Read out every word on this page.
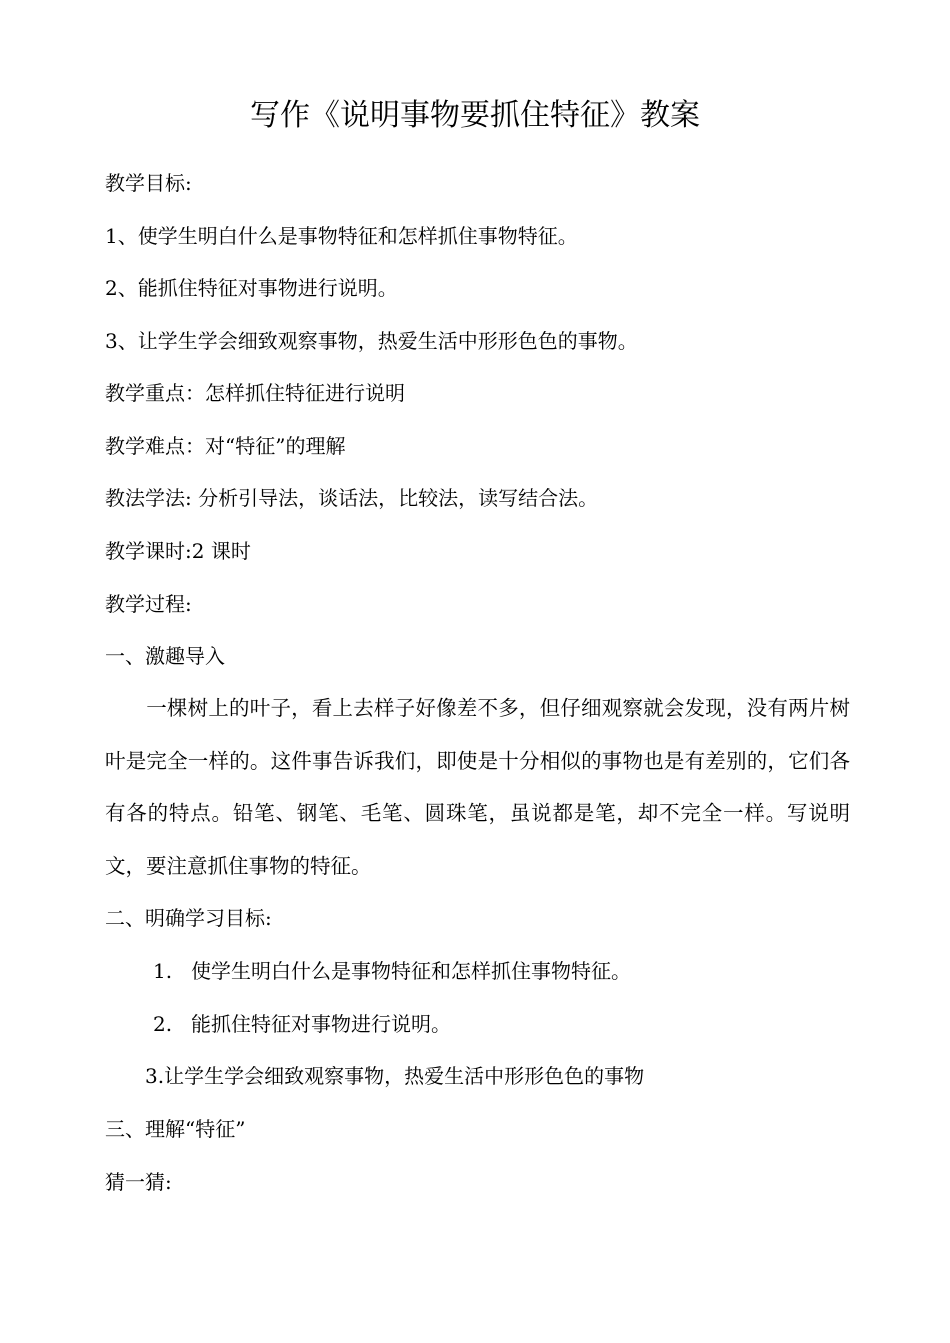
写作《说明事物要抓住特征》教案
教学目标:
1、使学生明白什么是事物特征和怎样抓住事物特征。
2、能抓住特征对事物进行说明。
3、让学生学会细致观察事物，热爱生活中形形色色的事物。
教学重点：怎样抓住特征进行说明
教学难点：对“特征”的理解
教法学法: 分析引导法，谈话法，比较法，读写结合法。
教学课时:2 课时
教学过程:
一、激趣导入
一棵树上的叶子，看上去样子好像差不多，但仔细观察就会发现，没有两片树叶是完全一样的。这件事告诉我们，即使是十分相似的事物也是有差别的，它们各有各的特点。铅笔、钢笔、毛笔、圆珠笔，虽说都是笔，却不完全一样。写说明文，要注意抓住事物的特征。
二、明确学习目标:
1. 使学生明白什么是事物特征和怎样抓住事物特征。
2. 能抓住特征对事物进行说明。
3.让学生学会细致观察事物，热爱生活中形形色色的事物
三、理解“特征”
猜一猜:
